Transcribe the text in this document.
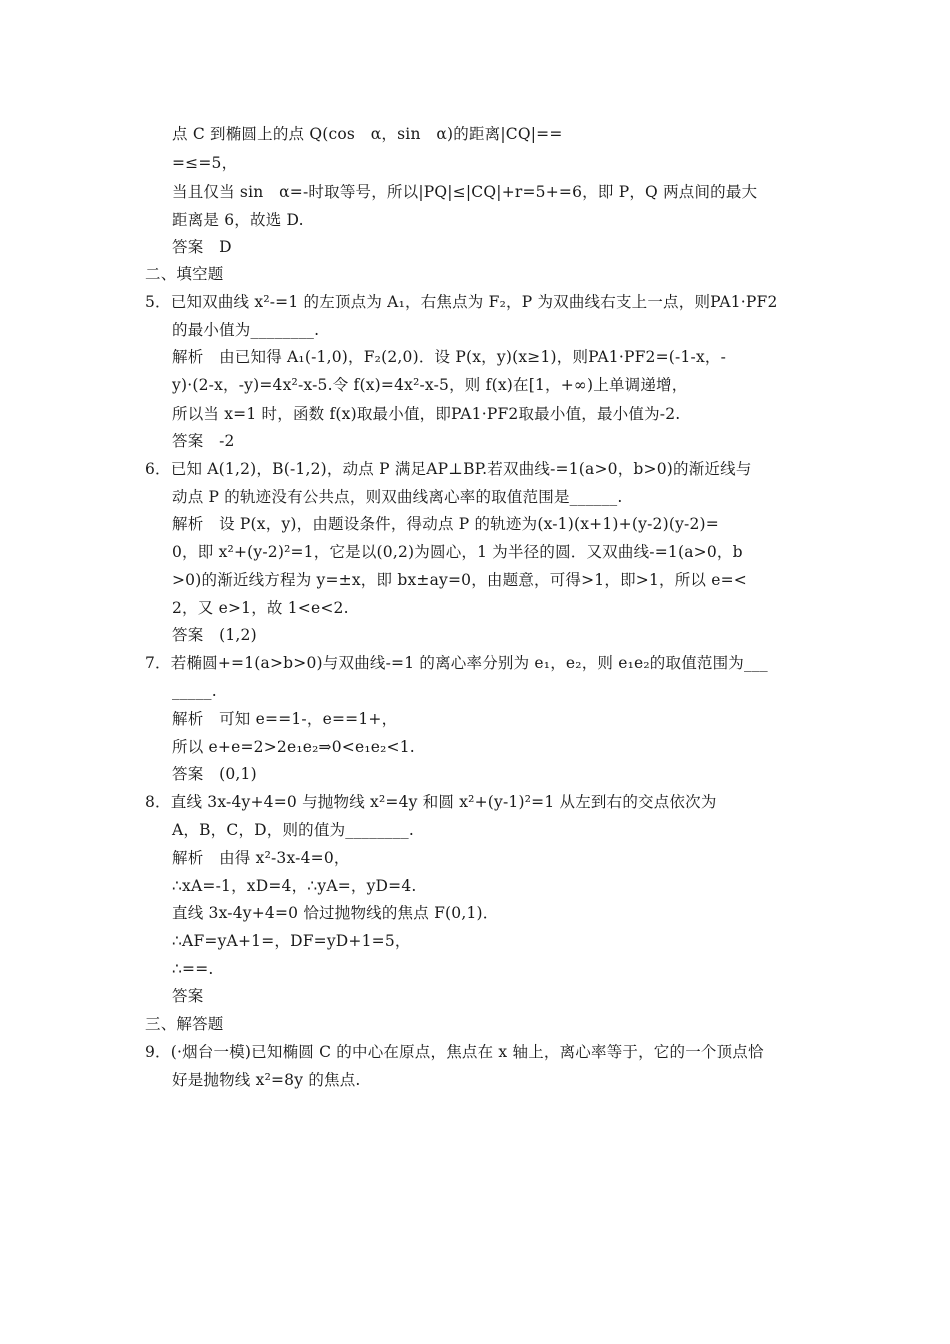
点 C 到椭圆上的点 Q(cos　α，sin　α)的距离|CQ|==
=≤=5，
当且仅当 sin　α=-时取等号，所以|PQ|≤|CQ|+r=5+=6，即 P，Q 两点间的最大
距离是 6，故选 D.
答案　D
二、填空题
5．已知双曲线 x²-=1 的左顶点为 A₁，右焦点为 F₂，P 为双曲线右支上一点，则PA1·PF2
的最小值为________.
解析　由已知得 A₁(-1,0)，F₂(2,0)．设 P(x，y)(x≥1)，则PA1·PF2=(-1-x，-
y)·(2-x，-y)=4x²-x-5.令 f(x)=4x²-x-5，则 f(x)在[1，+∞)上单调递增，
所以当 x=1 时，函数 f(x)取最小值，即PA1·PF2取最小值，最小值为-2.
答案　-2
6．已知 A(1,2)，B(-1,2)，动点 P 满足AP⊥BP.若双曲线-=1(a>0，b>0)的渐近线与
动点 P 的轨迹没有公共点，则双曲线离心率的取值范围是______.
解析　设 P(x，y)，由题设条件，得动点 P 的轨迹为(x-1)(x+1)+(y-2)(y-2)=
0，即 x²+(y-2)²=1，它是以(0,2)为圆心，1 为半径的圆．又双曲线-=1(a>0，b
>0)的渐近线方程为 y=±x，即 bx±ay=0，由题意，可得>1，即>1，所以 e=<
2，又 e>1，故 1<e<2.
答案　(1,2)
7．若椭圆+=1(a>b>0)与双曲线-=1 的离心率分别为 e₁，e₂，则 e₁e₂的取值范围为___
_____.
解析　可知 e==1-，e==1+，
所以 e+e=2>2e₁e₂⇒0<e₁e₂<1.
答案　(0,1)
8．直线 3x-4y+4=0 与抛物线 x²=4y 和圆 x²+(y-1)²=1 从左到右的交点依次为
A，B，C，D，则的值为________.
解析　由得 x²-3x-4=0，
∴xA=-1，xD=4，∴yA=，yD=4.
直线 3x-4y+4=0 恰过抛物线的焦点 F(0,1)．
∴AF=yA+1=，DF=yD+1=5，
∴==.
答案
三、解答题
9．(·烟台一模)已知椭圆 C 的中心在原点，焦点在 x 轴上，离心率等于，它的一个顶点恰
好是抛物线 x²=8y 的焦点.
